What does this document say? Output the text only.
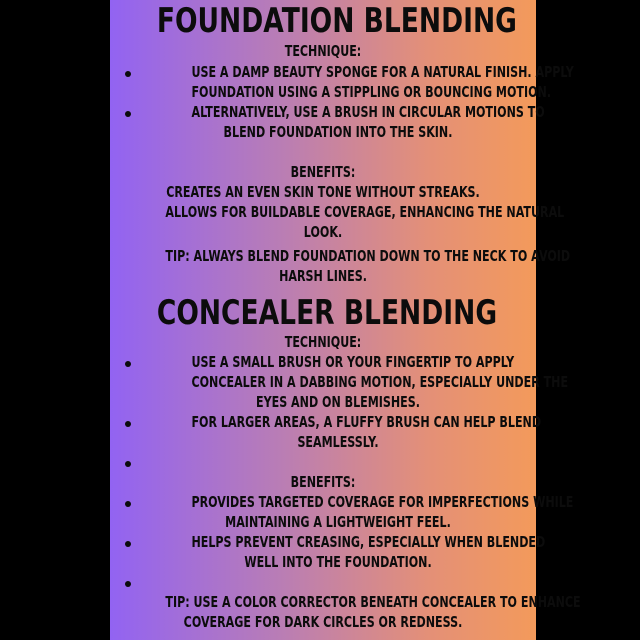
FOUNDATION BLENDING
TECHNIQUE:
USE A DAMP BEAUTY SPONGE FOR A NATURAL FINISH. APPLY
FOUNDATION USING A STIPPLING OR BOUNCING MOTION.
ALTERNATIVELY, USE A BRUSH IN CIRCULAR MOTIONS TO
BLEND FOUNDATION INTO THE SKIN.
BENEFITS:
CREATES AN EVEN SKIN TONE WITHOUT STREAKS.
ALLOWS FOR BUILDABLE COVERAGE, ENHANCING THE NATURAL
LOOK.
TIP: ALWAYS BLEND FOUNDATION DOWN TO THE NECK TO AVOID
HARSH LINES.
CONCEALER BLENDING
TECHNIQUE:
USE A SMALL BRUSH OR YOUR FINGERTIP TO APPLY
CONCEALER IN A DABBING MOTION, ESPECIALLY UNDER THE
EYES AND ON BLEMISHES.
FOR LARGER AREAS, A FLUFFY BRUSH CAN HELP BLEND
SEAMLESSLY.
BENEFITS:
PROVIDES TARGETED COVERAGE FOR IMPERFECTIONS WHILE
MAINTAINING A LIGHTWEIGHT FEEL.
HELPS PREVENT CREASING, ESPECIALLY WHEN BLENDED
WELL INTO THE FOUNDATION.
TIP: USE A COLOR CORRECTOR BENEATH CONCEALER TO ENHANCE
COVERAGE FOR DARK CIRCLES OR REDNESS.
